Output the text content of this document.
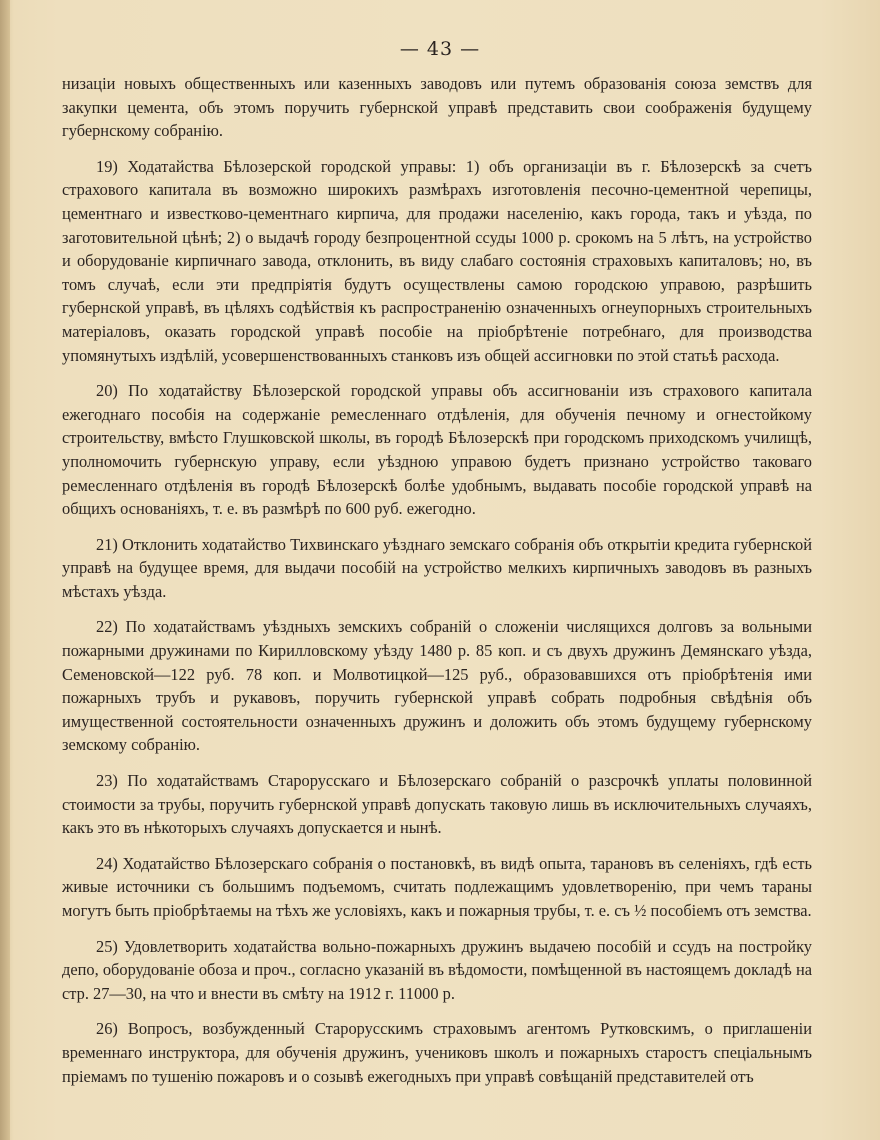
— 43 —

низаціи новыхъ общественныхъ или казенныхъ заводовъ или путемъ образованія союза земствъ для закупки цемента, объ этомъ поручить губернской управѣ представить свои соображенія будущему губернскому собранію.

19) Ходатайства Бѣлозерской городской управы: 1) объ организаціи въ г. Бѣлозерскѣ за счетъ страхового капитала въ возможно широкихъ размѣрахъ изготовленія песочно-цементной черепицы, цементнаго и известково-цементнаго кирпича, для продажи населенію, какъ города, такъ и уѣзда, по заготовительной цѣнѣ; 2) о выдачѣ городу безпроцентной ссуды 1000 р. срокомъ на 5 лѣтъ, на устройство и оборудованіе кирпичнаго завода, отклонить, въ виду слабаго состоянія страховыхъ капиталовъ; но, въ томъ случаѣ, если эти предпріятія будутъ осуществлены самою городскою управою, разрѣшить губернской управѣ, въ цѣляхъ содѣйствія къ распространенію означенныхъ огнеупорныхъ строительныхъ матеріаловъ, оказать городской управѣ пособіе на пріобрѣтеніе потребнаго, для производства упомянутыхъ издѣлій, усовершенствованныхъ станковъ изъ общей ассигновки по этой статьѣ расхода.

20) По ходатайству Бѣлозерской городской управы объ ассигнованіи изъ страхового капитала ежегоднаго пособія на содержаніе ремесленнаго отдѣленія, для обученія печному и огнестойкому строительству, вмѣсто Глушковской школы, въ городѣ Бѣлозерскѣ при городскомъ приходскомъ училищѣ, уполномочить губернскую управу, если уѣздною управою будетъ признано устройство таковаго ремесленнаго отдѣленія въ городѣ Бѣлозерскѣ болѣе удобнымъ, выдавать пособіе городской управѣ на общихъ основаніяхъ, т. е. въ размѣрѣ по 600 руб. ежегодно.

21) Отклонить ходатайство Тихвинскаго уѣзднаго земскаго собранія объ открытіи кредита губернской управѣ на будущее время, для выдачи пособій на устройство мелкихъ кирпичныхъ заводовъ въ разныхъ мѣстахъ уѣзда.

22) По ходатайствамъ уѣздныхъ земскихъ собраній о сложеніи числящихся долговъ за вольными пожарными дружинами по Кирилловскому уѣзду 1480 р. 85 коп. и съ двухъ дружинъ Демянскаго уѣзда, Семеновской—122 руб. 78 коп. и Молвотицкой—125 руб., образовавшихся отъ пріобрѣтенія ими пожарныхъ трубъ и рукавовъ, поручить губернской управѣ собрать подробныя свѣдѣнія объ имущественной состоятельности означенныхъ дружинъ и доложить объ этомъ будущему губернскому земскому собранію.

23) По ходатайствамъ Старорусскаго и Бѣлозерскаго собраній о разсрочкѣ уплаты половинной стоимости за трубы, поручить губернской управѣ допускать таковую лишь въ исключительныхъ случаяхъ, какъ это въ нѣкоторыхъ случаяхъ допускается и нынѣ.

24) Ходатайство Бѣлозерскаго собранія о постановкѣ, въ видѣ опыта, тарановъ въ селеніяхъ, гдѣ есть живые источники съ большимъ подъемомъ, считать подлежащимъ удовлетворенію, при чемъ тараны могутъ быть пріобрѣтаемы на тѣхъ же условіяхъ, какъ и пожарныя трубы, т. е. съ ½ пособіемъ отъ земства.

25) Удовлетворить ходатайства вольно-пожарныхъ дружинъ выдачею пособій и ссудъ на постройку депо, оборудованіе обоза и проч., согласно указаній въ вѣдомости, помѣщенной въ настоящемъ докладѣ на стр. 27—30, на что и внести въ смѣту на 1912 г. 11000 р.

26) Вопросъ, возбужденный Старорусскимъ страховымъ агентомъ Рутковскимъ, о приглашеніи временнаго инструктора, для обученія дружинъ, учениковъ школъ и пожарныхъ старостъ спеціальнымъ пріемамъ по тушенію пожаровъ и о созывѣ ежегодныхъ при управѣ совѣщаній представителей отъ
